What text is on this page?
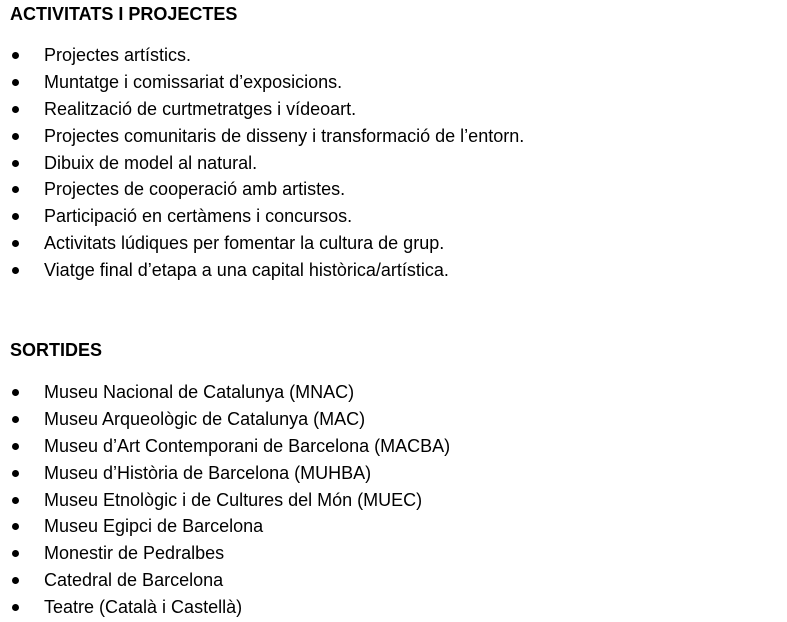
ACTIVITATS I PROJECTES
Projectes artístics.
Muntatge i comissariat d’exposicions.
Realització de curtmetratges i vídeoart.
Projectes comunitaris de disseny i transformació de l’entorn.
Dibuix de model al natural.
Projectes de cooperació amb artistes.
Participació en certàmens i concursos.
Activitats lúdiques per fomentar la cultura de grup.
Viatge final d’etapa a una capital històrica/artística.
SORTIDES
Museu Nacional de Catalunya (MNAC)
Museu Arqueològic de Catalunya (MAC)
Museu d’Art Contemporani de Barcelona (MACBA)
Museu d’Història de Barcelona (MUHBA)
Museu Etnològic i de Cultures del Món (MUEC)
Museu Egipci de Barcelona
Monestir de Pedralbes
Catedral de Barcelona
Teatre (Català i Castellà)
